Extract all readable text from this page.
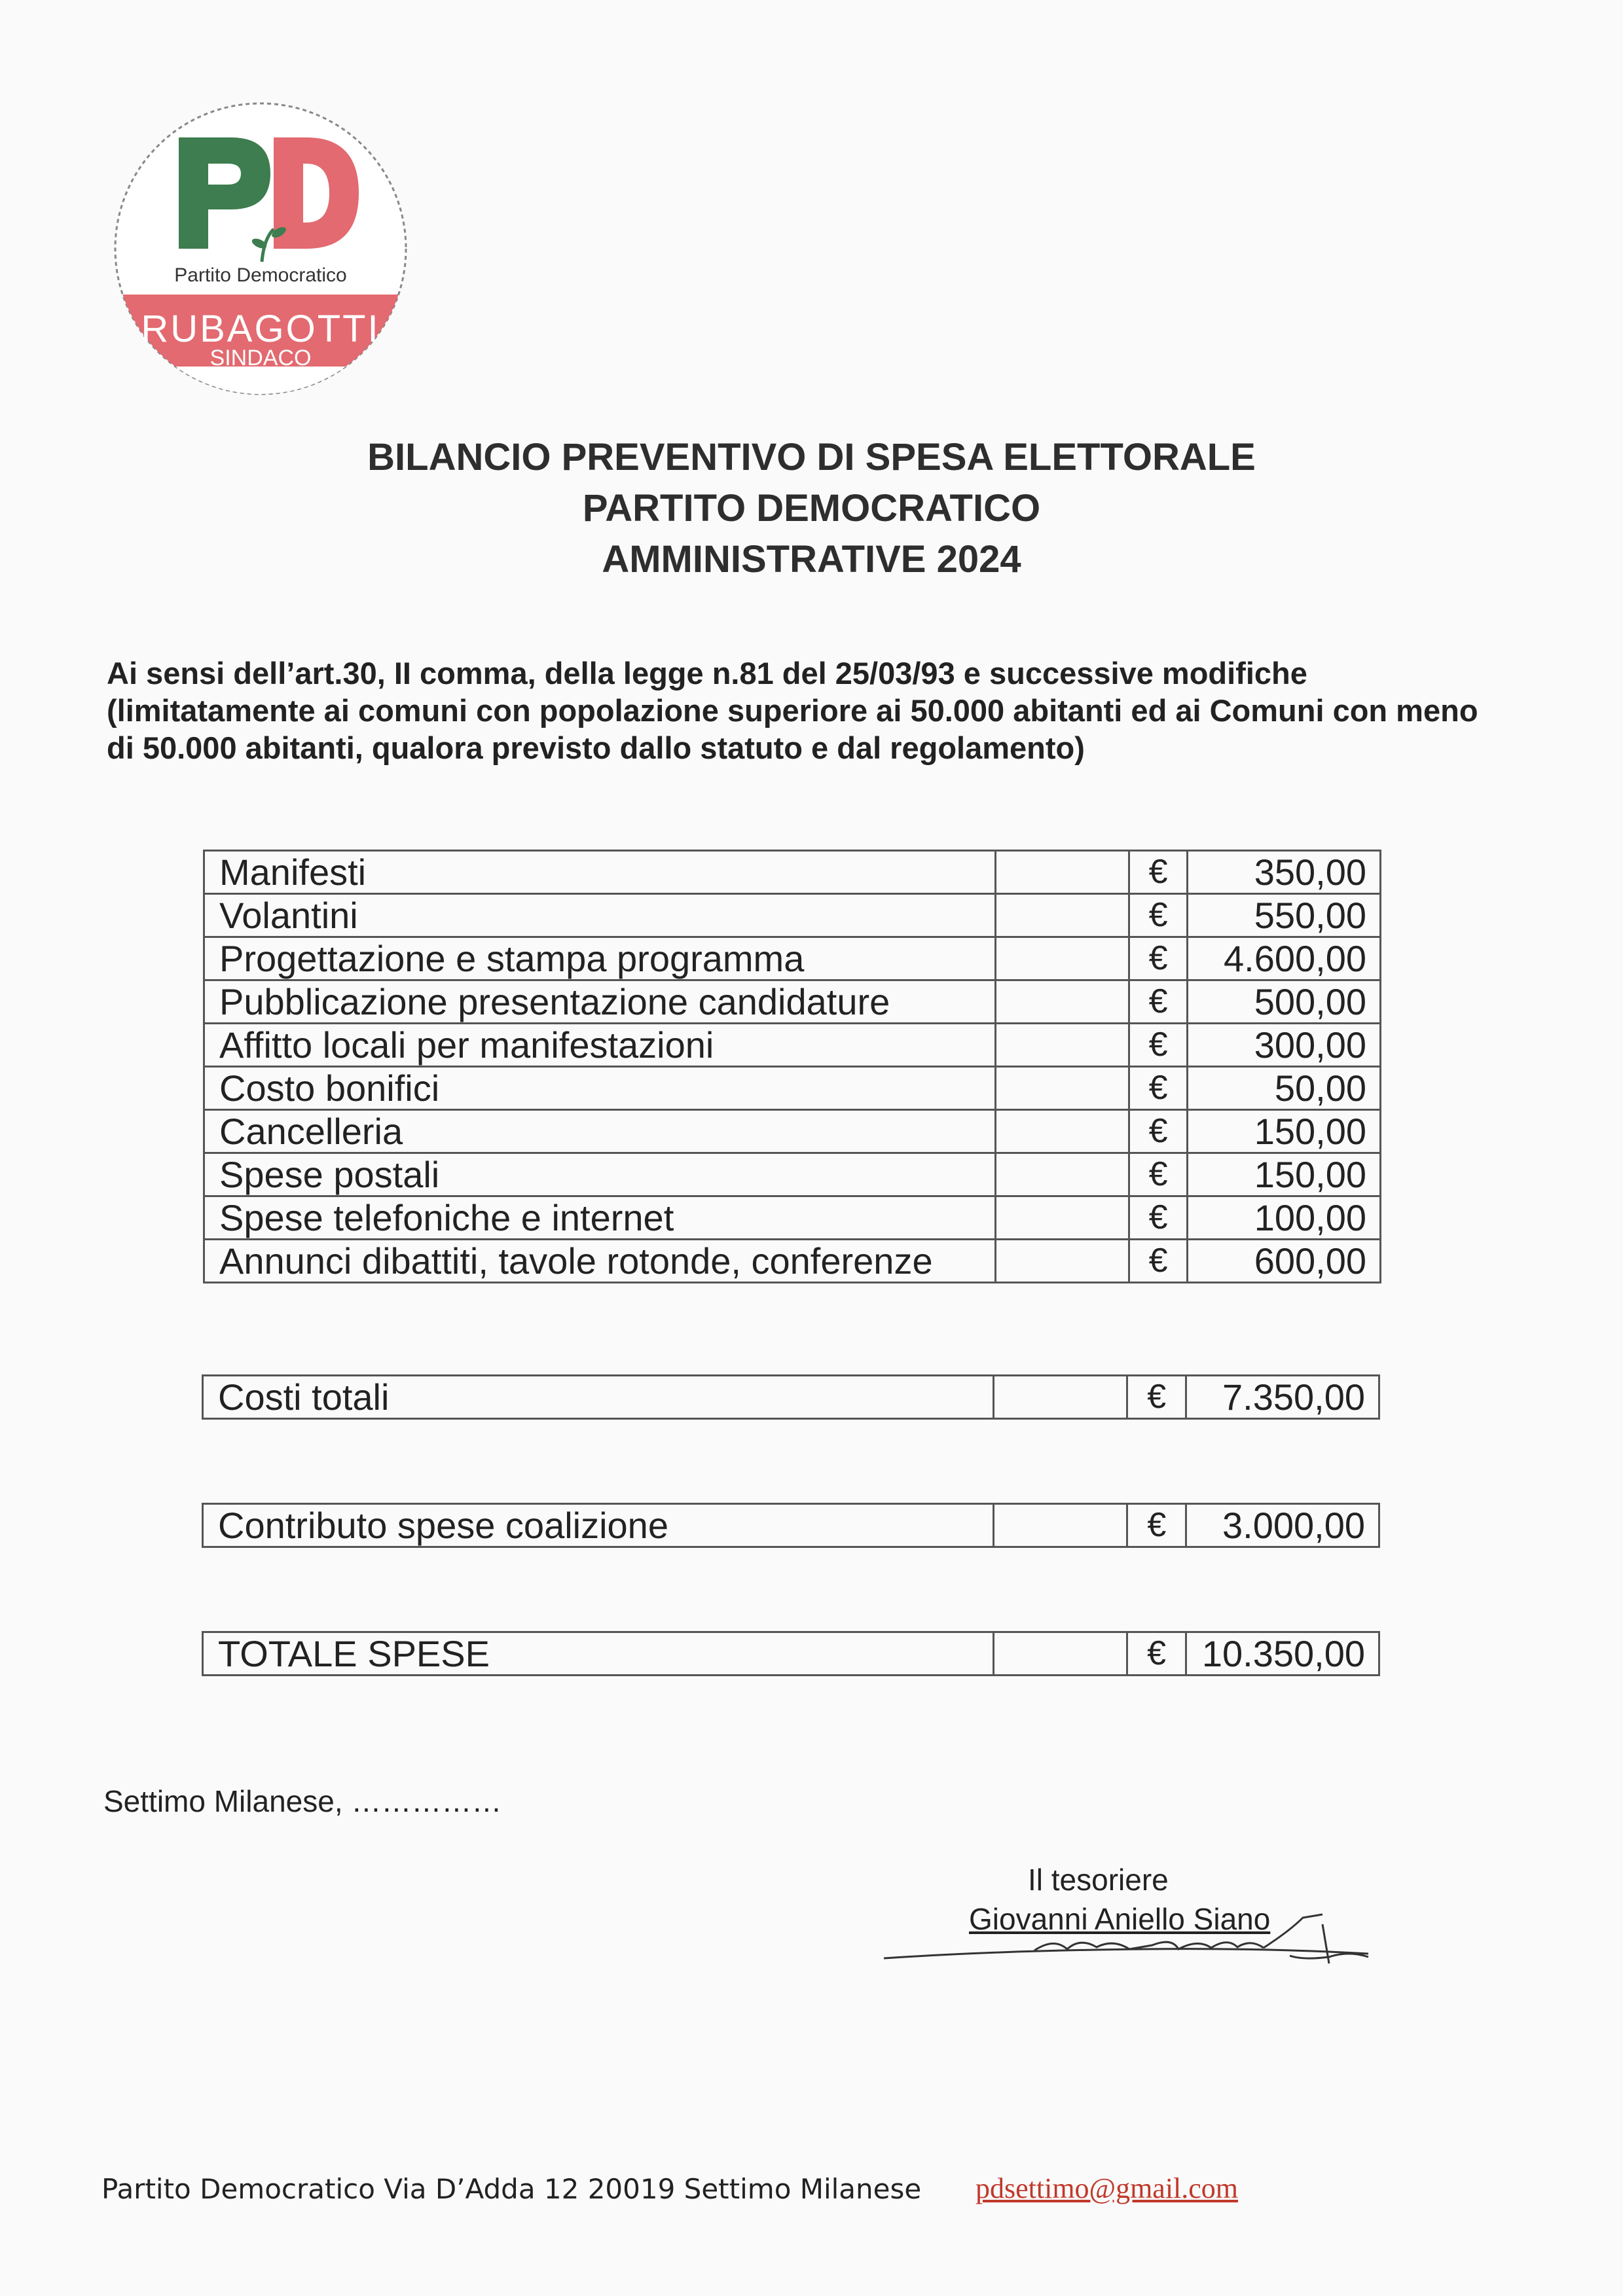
Partito Democratico
RUBAGOTTI
SINDACO
BILANCIO PREVENTIVO DI SPESA ELETTORALE
PARTITO DEMOCRATICO
AMMINISTRATIVE 2024
Ai sensi dell’art.30, II comma, della legge n.81 del 25/03/93 e successive modifiche (limitatamente ai comuni con popolazione superiore ai 50.000 abitanti ed ai Comuni con meno di 50.000 abitanti, qualora previsto dallo statuto e dal regolamento)
Manifesti		€	350,00
Volantini		€	550,00
Progettazione e stampa programma		€	4.600,00
Pubblicazione presentazione candidature		€	500,00
Affitto locali per manifestazioni		€	300,00
Costo bonifici		€	50,00
Cancelleria		€	150,00
Spese postali		€	150,00
Spese telefoniche e internet		€	100,00
Annunci dibattiti, tavole rotonde, conferenze		€	600,00
Costi totali		€	7.350,00
Contributo spese coalizione		€	3.000,00
TOTALE SPESE		€	10.350,00
Settimo Milanese, ……………
Il tesoriere
Giovanni Aniello Siano
Partito Democratico Via D’Adda 12 20019 Settimo Milanese pdsettimo@gmail.com
